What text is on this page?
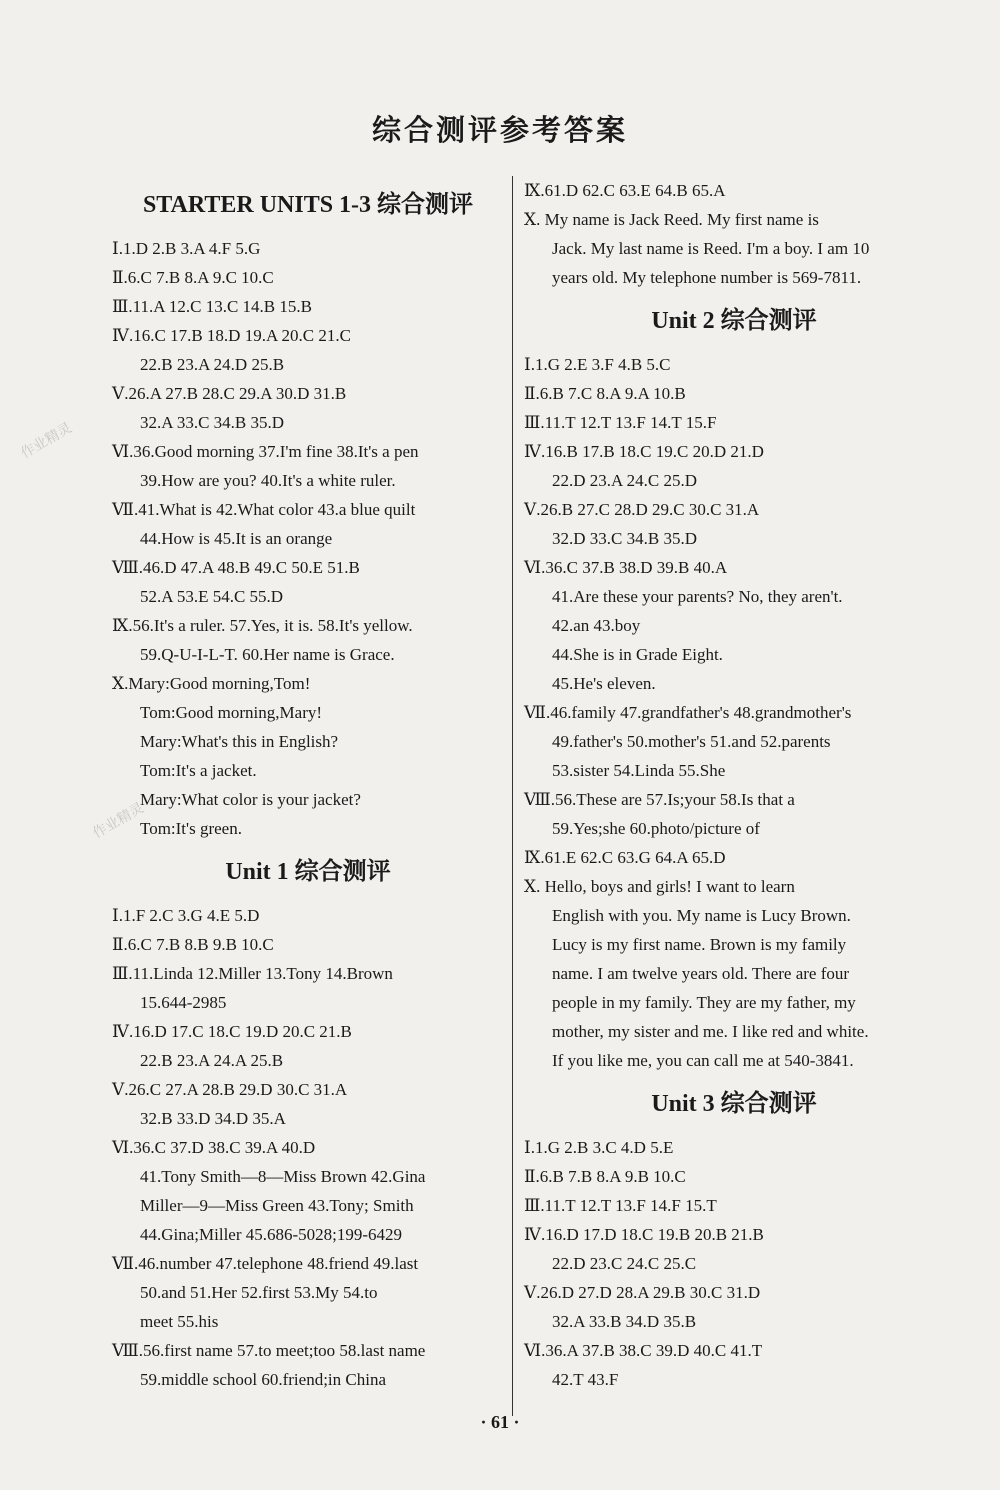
综合测评参考答案
STARTER UNITS 1-3 综合测评
Ⅰ.1.D 2.B 3.A 4.F 5.G
Ⅱ.6.C 7.B 8.A 9.C 10.C
Ⅲ.11.A 12.C 13.C 14.B 15.B
Ⅳ.16.C 17.B 18.D 19.A 20.C 21.C
22.B 23.A 24.D 25.B
Ⅴ.26.A 27.B 28.C 29.A 30.D 31.B
32.A 33.C 34.B 35.D
Ⅵ.36.Good morning 37.I'm fine 38.It's a pen
39.How are you? 40.It's a white ruler.
Ⅶ.41.What is 42.What color 43.a blue quilt
44.How is 45.It is an orange
Ⅷ.46.D 47.A 48.B 49.C 50.E 51.B
52.A 53.E 54.C 55.D
Ⅸ.56.It's a ruler. 57.Yes, it is. 58.It's yellow.
59.Q-U-I-L-T. 60.Her name is Grace.
Ⅹ.Mary:Good morning,Tom!
Tom:Good morning,Mary!
Mary:What's this in English?
Tom:It's a jacket.
Mary:What color is your jacket?
Tom:It's green.
Unit 1 综合测评
Ⅰ.1.F 2.C 3.G 4.E 5.D
Ⅱ.6.C 7.B 8.B 9.B 10.C
Ⅲ.11.Linda 12.Miller 13.Tony 14.Brown
15.644-2985
Ⅳ.16.D 17.C 18.C 19.D 20.C 21.B
22.B 23.A 24.A 25.B
Ⅴ.26.C 27.A 28.B 29.D 30.C 31.A
32.B 33.D 34.D 35.A
Ⅵ.36.C 37.D 38.C 39.A 40.D
41.Tony Smith—8—Miss Brown 42.Gina
Miller—9—Miss Green 43.Tony; Smith
44.Gina;Miller 45.686-5028;199-6429
Ⅶ.46.number 47.telephone 48.friend 49.last
50.and 51.Her 52.first 53.My 54.to
meet 55.his
Ⅷ.56.first name 57.to meet;too 58.last name
59.middle school 60.friend;in China
Ⅸ.61.D 62.C 63.E 64.B 65.A
Ⅹ. My name is Jack Reed. My first name is
Jack. My last name is Reed. I'm a boy. I am 10
years old. My telephone number is 569-7811.
Unit 2 综合测评
Ⅰ.1.G 2.E 3.F 4.B 5.C
Ⅱ.6.B 7.C 8.A 9.A 10.B
Ⅲ.11.T 12.T 13.F 14.T 15.F
Ⅳ.16.B 17.B 18.C 19.C 20.D 21.D
22.D 23.A 24.C 25.D
Ⅴ.26.B 27.C 28.D 29.C 30.C 31.A
32.D 33.C 34.B 35.D
Ⅵ.36.C 37.B 38.D 39.B 40.A
41.Are these your parents? No, they aren't.
42.an 43.boy
44.She is in Grade Eight.
45.He's eleven.
Ⅶ.46.family 47.grandfather's 48.grandmother's
49.father's 50.mother's 51.and 52.parents
53.sister 54.Linda 55.She
Ⅷ.56.These are 57.Is;your 58.Is that a
59.Yes;she 60.photo/picture of
Ⅸ.61.E 62.C 63.G 64.A 65.D
Ⅹ. Hello, boys and girls! I want to learn
English with you. My name is Lucy Brown.
Lucy is my first name. Brown is my family
name. I am twelve years old. There are four
people in my family. They are my father, my
mother, my sister and me. I like red and white.
If you like me, you can call me at 540-3841.
Unit 3 综合测评
Ⅰ.1.G 2.B 3.C 4.D 5.E
Ⅱ.6.B 7.B 8.A 9.B 10.C
Ⅲ.11.T 12.T 13.F 14.F 15.T
Ⅳ.16.D 17.D 18.C 19.B 20.B 21.B
22.D 23.C 24.C 25.C
Ⅴ.26.D 27.D 28.A 29.B 30.C 31.D
32.A 33.B 34.D 35.B
Ⅵ.36.A 37.B 38.C 39.D 40.C 41.T
42.T 43.F
作业精灵
作业精灵
· 61 ·
